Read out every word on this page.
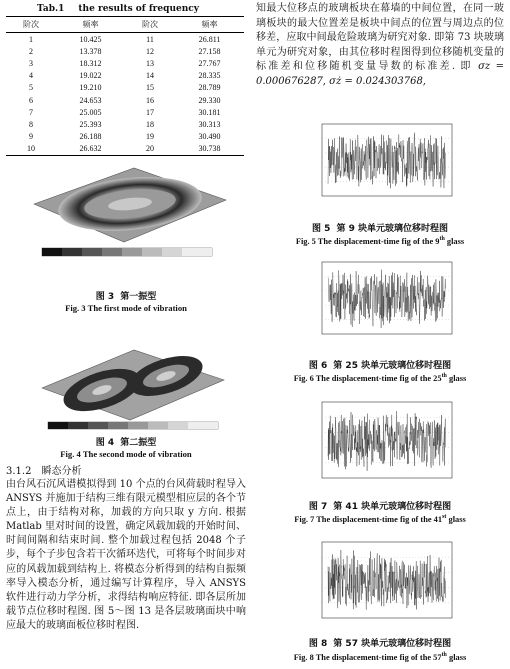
Tab.1 the results of frequency
阶次	频率	阶次	频率
1	10.425	11	26.811
2	13.378	12	27.158
3	18.312	13	27.767
4	19.022	14	28.335
5	19.210	15	28.789
6	24.653	16	29.330
7	25.005	17	30.181
8	25.393	18	30.313
9	26.188	19	30.490
10	26.632	20	30.738
图 3 第一振型
Fig. 3 The first mode of vibration
图 4 第二振型
Fig. 4 The second mode of vibration
3.1.2 瞬态分析
由台风石沉风谱模拟得到 10 个点的台风荷载时程导入 ANSYS 并施加于结构三维有限元模型相应层的各个节点上，由于结构对称，加载的方向只取 y 方向. 根据 Matlab 里对时间的设置，确定风载加载的开始时间、时间间隔和结束时间. 整个加载过程包括 2048 个子步，每个子步包含若干次循环迭代，可将每个时间步对应的风载加载到结构上. 将模态分析得到的结构自振频率导入模态分析，通过编写计算程序，导入 ANSYS 软件进行动力学分析，求得结构响应特征. 即各层所加载节点位移时程图. 图 5～图 13 是各层玻璃面块中响应最大的玻璃面板位移时程图.
知最大位移点的玻璃板块在幕墙的中间位置，在同一玻璃板块的最大位置差是板块中间点的位置与周边点的位移差，应取中间最危险玻璃为研究对象. 即第 73 块玻璃单元为研究对象，由其位移时程图得到位移随机变量的标准差和位移随机变量导数的标准差. 即 σz = 0.000676287, σż = 0.024303768,
图 5 第 9 块单元玻璃位移时程图
Fig. 5 The displacement-time fig of the 9th glass
图 6 第 25 块单元玻璃位移时程图
Fig. 6 The displacement-time fig of the 25th glass
图 7 第 41 块单元玻璃位移时程图
Fig. 7 The displacement-time fig of the 41st glass
图 8 第 57 块单元玻璃位移时程图
Fig. 8 The displacement-time fig of the 57th glass
